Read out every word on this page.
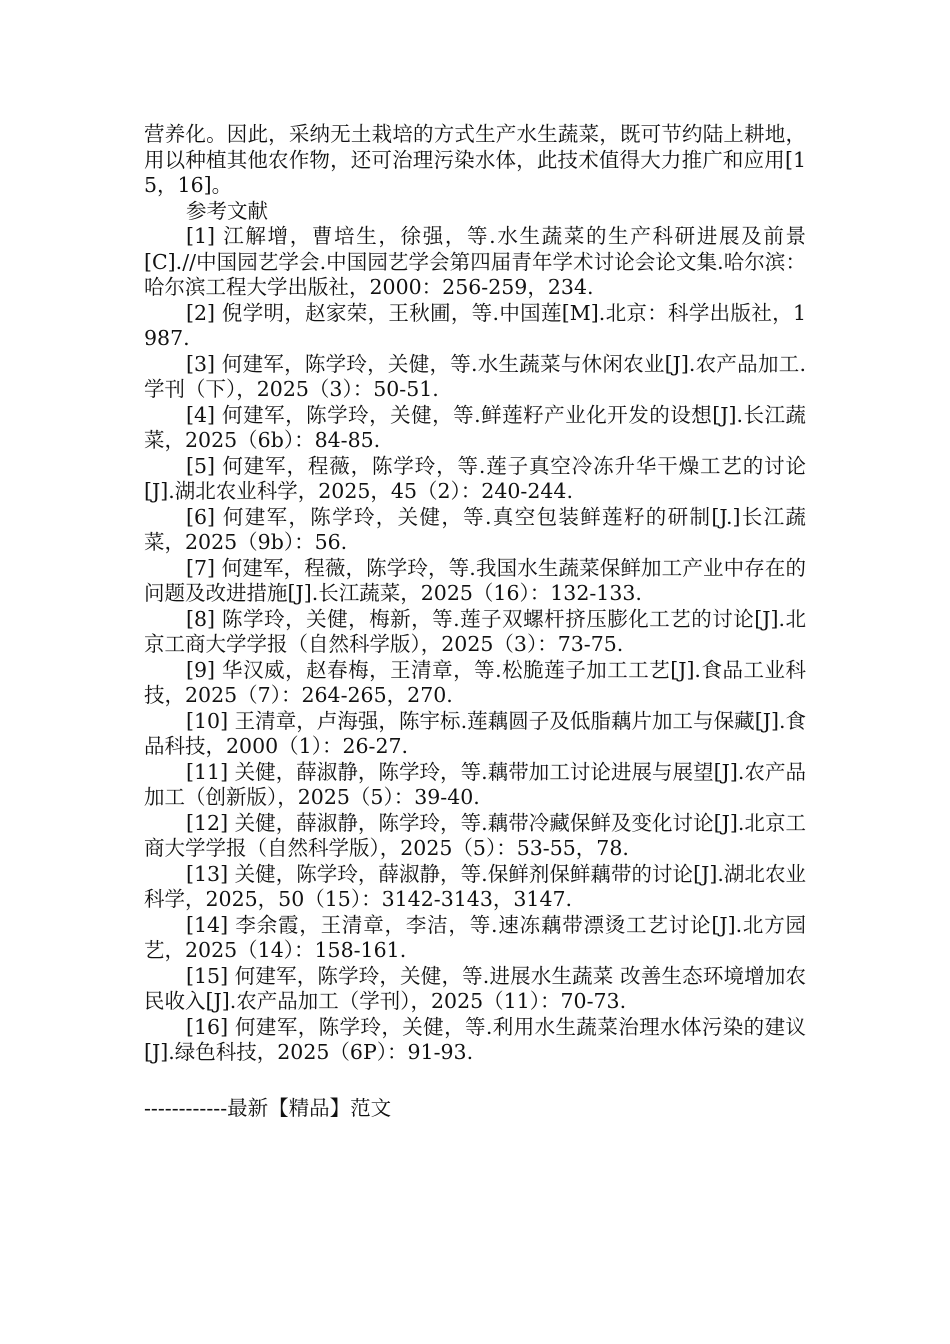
营养化。因此，采纳无土栽培的方式生产水生蔬菜，既可节约陆上耕地，用以种植其他农作物，还可治理污染水体，此技术值得大力推广和应用[15，16]。

参考文献

[1] 江解增，曹培生，徐强，等.水生蔬菜的生产科研进展及前景[C].//中国园艺学会.中国园艺学会第四届青年学术讨论会论文集.哈尔滨：哈尔滨工程大学出版社，2000：256-259，234.

[2] 倪学明，赵家荣，王秋圃，等.中国莲[M].北京：科学出版社，1987.

[3] 何建军，陈学玲，关健，等.水生蔬菜与休闲农业[J].农产品加工.学刊（下），2025（3）：50-51.

[4] 何建军，陈学玲，关健，等.鲜莲籽产业化开发的设想[J].长江蔬菜，2025（6b）：84-85.

[5] 何建军，程薇，陈学玲，等.莲子真空冷冻升华干燥工艺的讨论[J].湖北农业科学，2025，45（2）：240-244.

[6] 何建军，陈学玲，关健，等.真空包装鲜莲籽的研制[J.]长江蔬菜，2025（9b）：56.

[7] 何建军，程薇，陈学玲，等.我国水生蔬菜保鲜加工产业中存在的问题及改进措施[J].长江蔬菜，2025（16）：132-133.

[8] 陈学玲，关健，梅新，等.莲子双螺杆挤压膨化工艺的讨论[J].北京工商大学学报（自然科学版），2025（3）：73-75.

[9] 华汉威，赵春梅，王清章，等.松脆莲子加工工艺[J].食品工业科技，2025（7）：264-265，270.

[10] 王清章，卢海强，陈宇标.莲藕圆子及低脂藕片加工与保藏[J].食品科技，2000（1）：26-27.

[11] 关健，薛淑静，陈学玲，等.藕带加工讨论进展与展望[J].农产品加工（创新版），2025（5）：39-40.

[12] 关健，薛淑静，陈学玲，等.藕带冷藏保鲜及变化讨论[J].北京工商大学学报（自然科学版），2025（5）：53-55，78.

[13] 关健，陈学玲，薛淑静，等.保鲜剂保鲜藕带的讨论[J].湖北农业科学，2025，50（15）：3142-3143，3147.

[14] 李余霞，王清章，李洁，等.速冻藕带漂烫工艺讨论[J].北方园艺，2025（14）：158-161.

[15] 何建军，陈学玲，关健，等.进展水生蔬菜 改善生态环境增加农民收入[J].农产品加工（学刊），2025（11）：70-73.

[16] 何建军，陈学玲，关健，等.利用水生蔬菜治理水体污染的建议[J].绿色科技，2025（6P）：91-93.

------------最新【精品】范文
